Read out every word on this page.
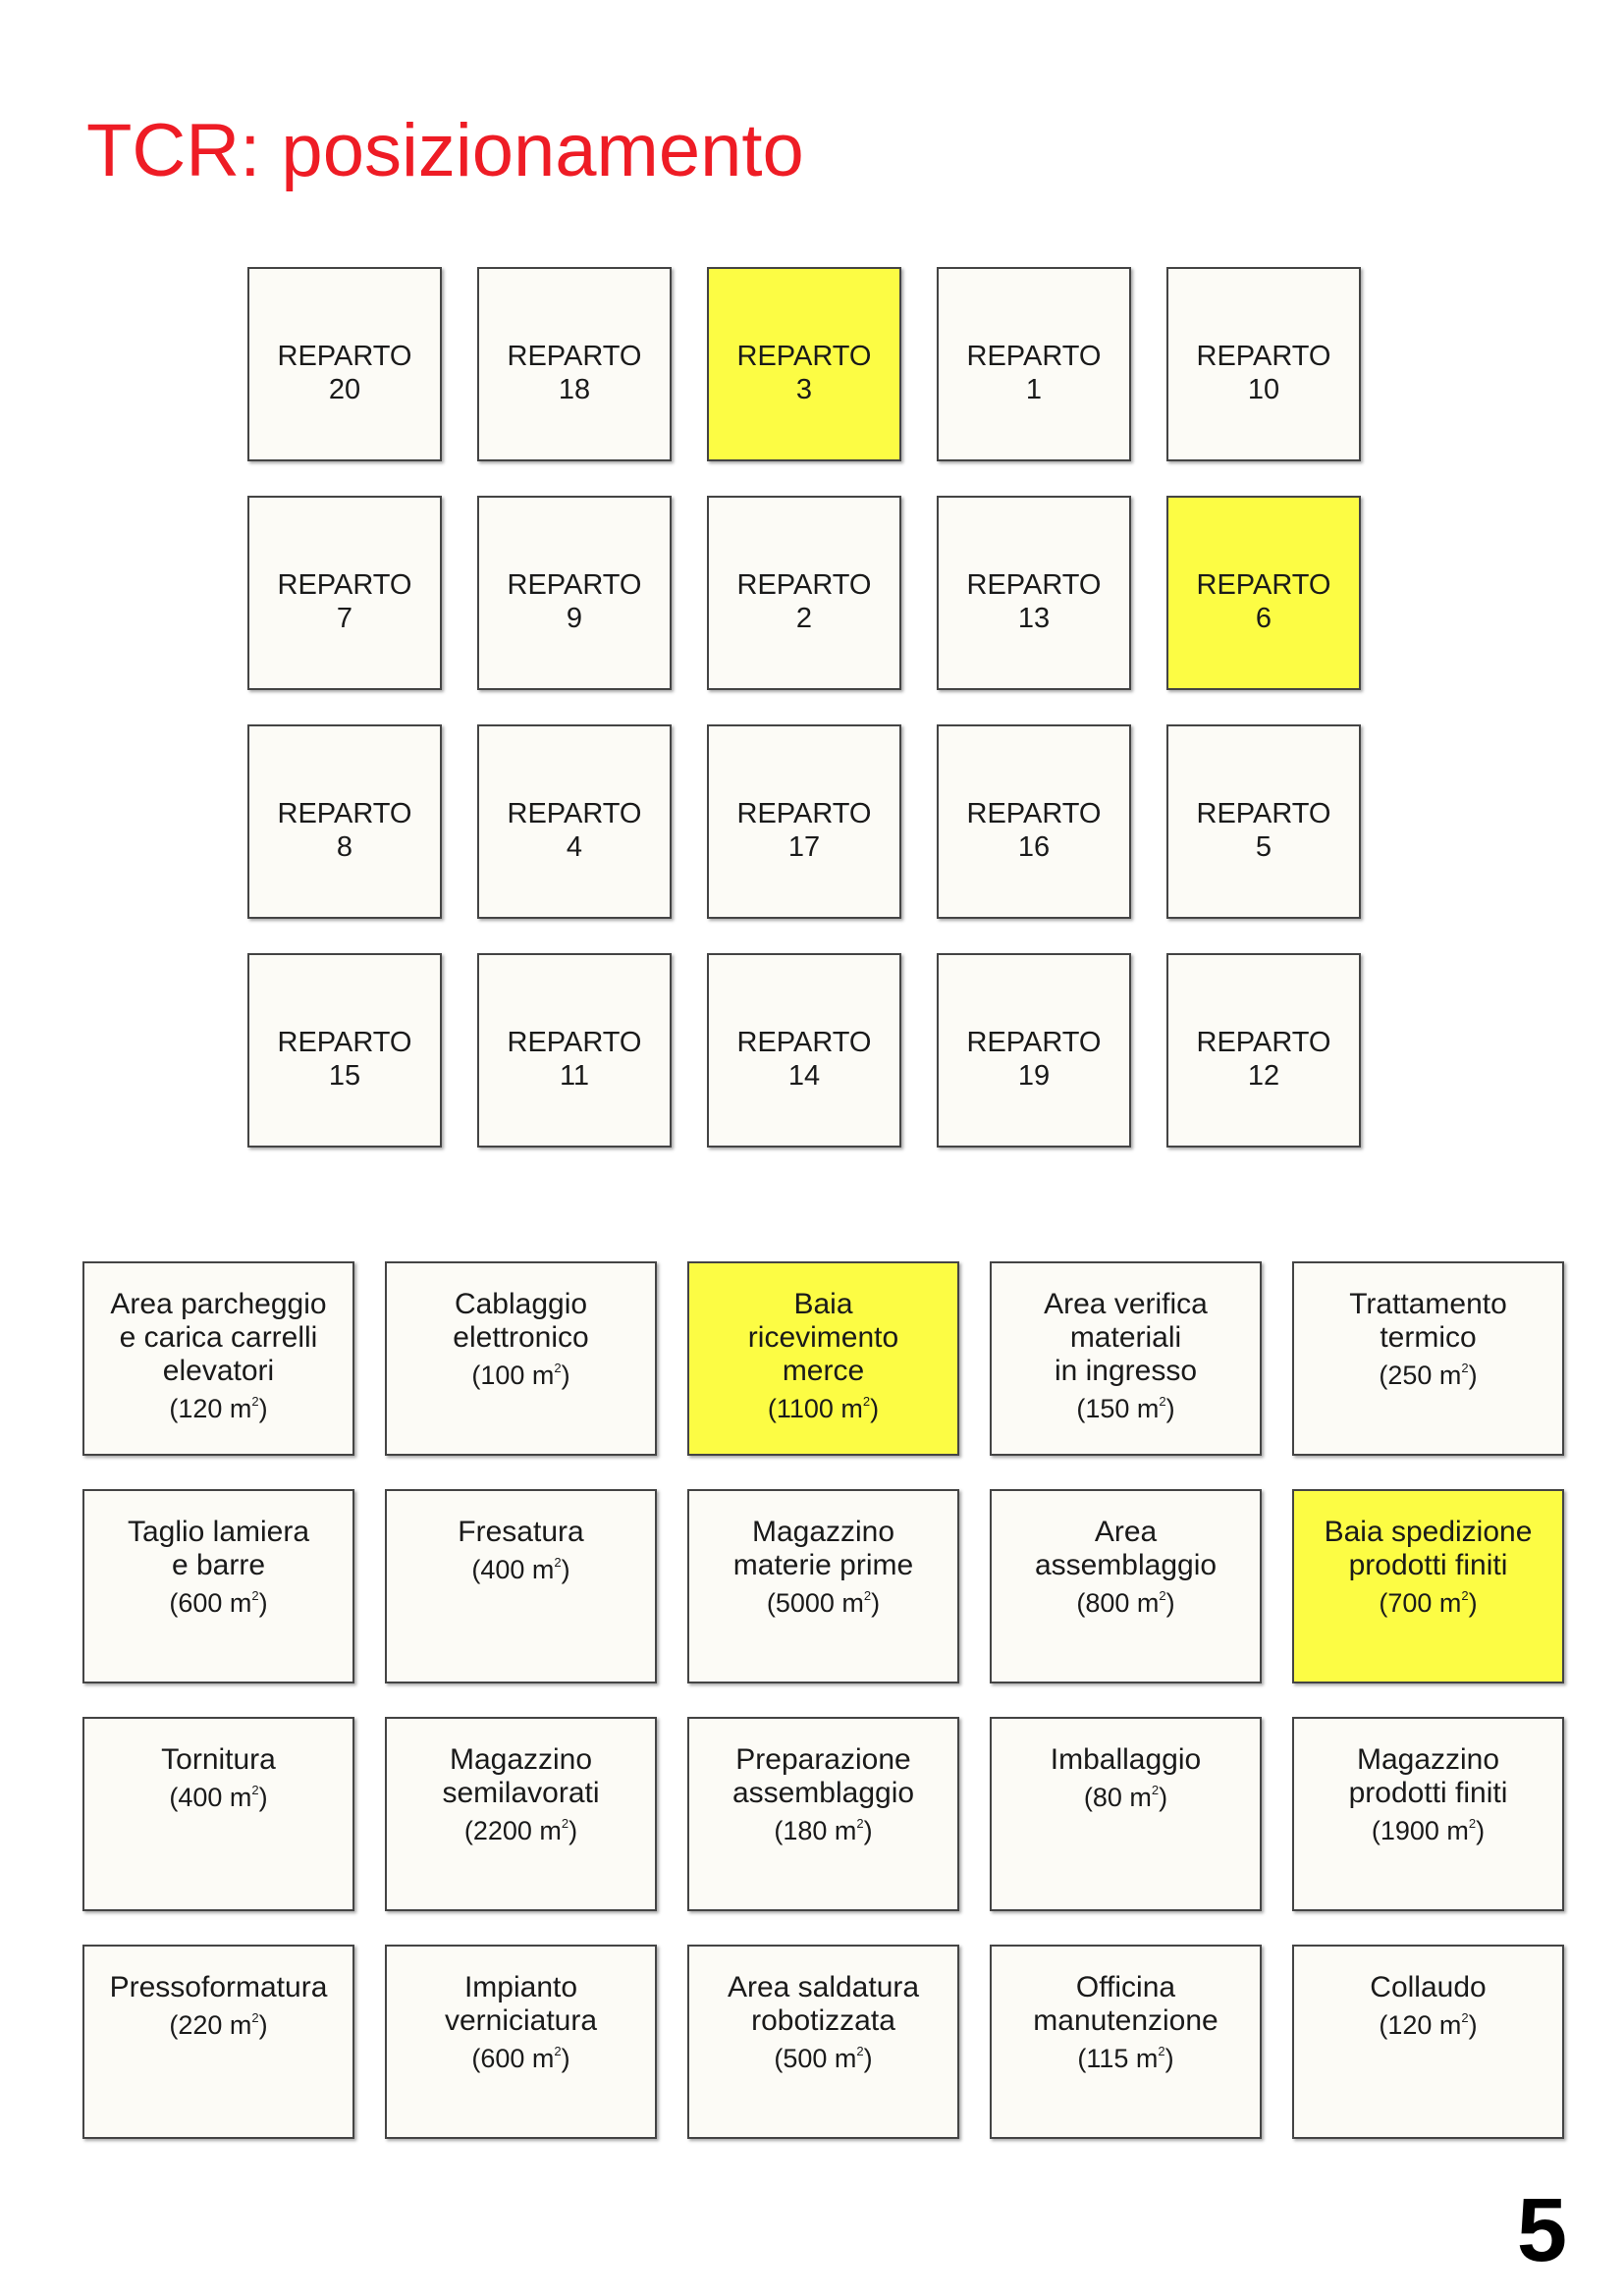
TCR: posizionamento
REPARTO
20
REPARTO
18
REPARTO
3
REPARTO
1
REPARTO
10
REPARTO
7
REPARTO
9
REPARTO
2
REPARTO
13
REPARTO
6
REPARTO
8
REPARTO
4
REPARTO
17
REPARTO
16
REPARTO
5
REPARTO
15
REPARTO
11
REPARTO
14
REPARTO
19
REPARTO
12
Area parcheggio
e carica carrelli
elevatori
(120 $m^2$)
Cablaggio
elettronico
(100 $m^2$)
Baia
ricevimento
merce
(1100 $m^2$)
Area verifica
materiali
in ingresso
(150 $m^2$)
Trattamento
termico
(250 $m^2$)
Taglio lamiera
e barre
(600 $m^2$)
Fresatura
(400 $m^2$)
Magazzino
materie prime
(5000 $m^2$)
Area
assemblaggio
(800 $m^2$)
Baia spedizione
prodotti finiti
(700 $m^2$)
Tornitura
(400 $m^2$)
Magazzino
semilavorati
(2200 $m^2$)
Preparazione
assemblaggio
(180 $m^2$)
Imballaggio
(80 $m^2$)
Magazzino
prodotti finiti
(1900 $m^2$)
Pressoformatura
(220 $m^2$)
Impianto
verniciatura
(600 $m^2$)
Area saldatura
robotizzata
(500 $m^2$)
Officina
manutenzione
(115 $m^2$)
Collaudo
(120 $m^2$)
5
